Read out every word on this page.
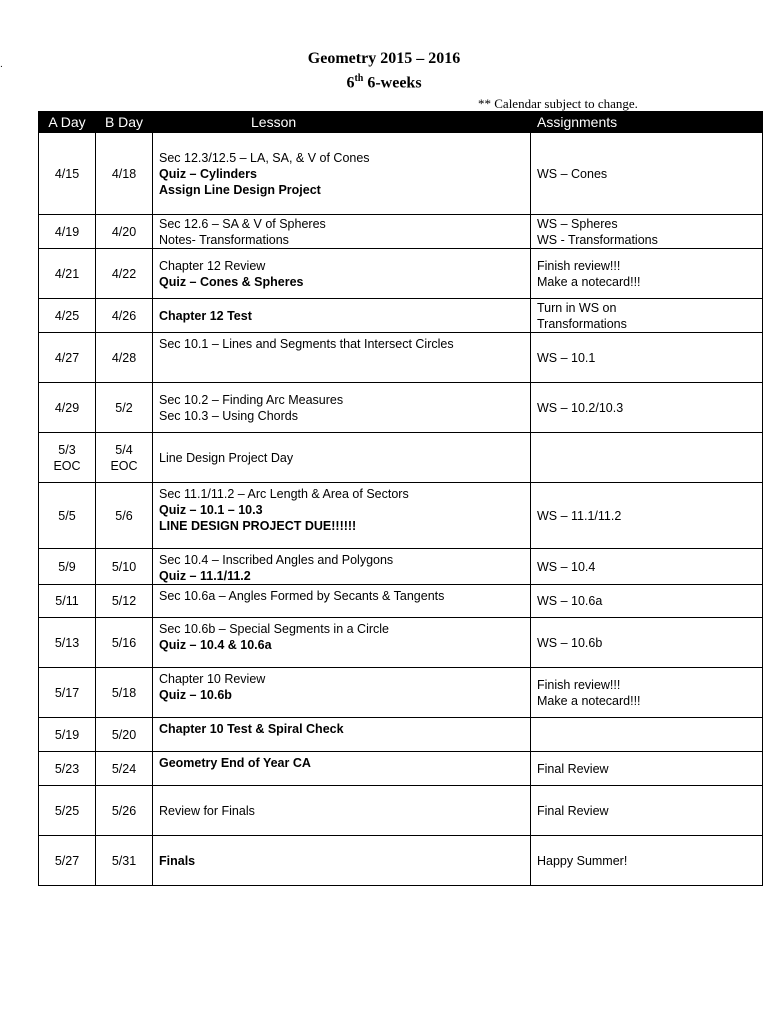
.	Geometry 2015 – 2016
6th 6-weeks
** Calendar subject to change.
A Day	B Day	Lesson	Assignments

4/15	4/18	Sec 12.3/12.5 – LA, SA, & V of Cones
Quiz – Cylinders
Assign Line Design Project	WS – Cones

4/19	4/20	Sec 12.6 – SA & V of Spheres
Notes- Transformations	WS – Spheres
WS - Transformations

4/21	4/22	Chapter 12 Review
Quiz – Cones & Spheres	Finish review!!!
Make a notecard!!!

4/25	4/26	Chapter 12 Test	Turn in WS on
Transformations

4/27	4/28	Sec 10.1 – Lines and Segments that Intersect Circles	WS – 10.1

4/29	5/2	Sec 10.2 – Finding Arc Measures
Sec 10.3 – Using Chords	WS – 10.2/10.3

5/3
EOC	5/4
EOC	Line Design Project Day	

5/5	5/6	Sec 11.1/11.2 – Arc Length & Area of Sectors
Quiz – 10.1 – 10.3
LINE DESIGN PROJECT DUE!!!!!!	WS – 11.1/11.2

5/9	5/10	Sec 10.4 – Inscribed Angles and Polygons
Quiz – 11.1/11.2	WS – 10.4

5/11	5/12	Sec 10.6a – Angles Formed by Secants & Tangents	WS – 10.6a

5/13	5/16	Sec 10.6b – Special Segments in a Circle
Quiz – 10.4 & 10.6a	WS – 10.6b

5/17	5/18	Chapter 10 Review
Quiz – 10.6b	Finish review!!!
Make a notecard!!!

5/19	5/20	Chapter 10 Test & Spiral Check	

5/23	5/24	Geometry End of Year CA	Final Review

5/25	5/26	Review for Finals	Final Review

5/27	5/31	Finals	Happy Summer!
